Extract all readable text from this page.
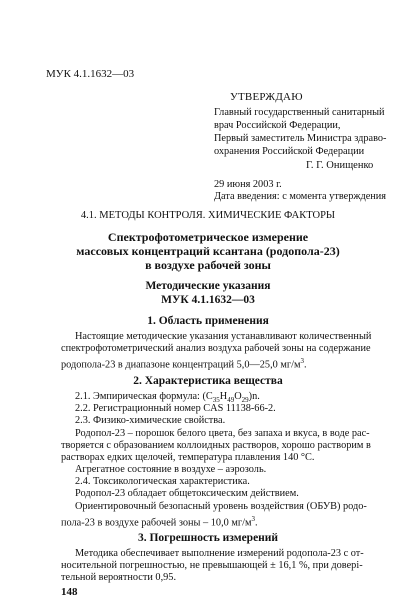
МУК 4.1.1632—03
УТВЕРЖДАЮ
Главный государственный санитарный
врач Российской Федерации,
Первый заместитель Министра здраво-
охранения Российской Федерации
Г. Г. Онищенко
29 июня 2003 г.
Дата введения: с момента утверждения
4.1. МЕТОДЫ КОНТРОЛЯ. ХИМИЧЕСКИЕ ФАКТОРЫ
Спектрофотометрическое измерение
массовых концентраций ксантана (родопола-23)
в воздухе рабочей зоны
Методические указания
МУК 4.1.1632—03
1. Область применения
Настоящие методические указания устанавливают количественный
спектрофотометрический анализ воздуха рабочей зоны на содержание
родопола-23 в диапазоне концентраций 5,0—25,0 $мг/м^3$.
2. Характеристика вещества
2.1. Эмпирическая формула: $(C_{35}H_{49}O_{29})n$.
2.2. Регистрационный номер CAS 11138-66-2.
2.3. Физико-химические свойства.
Родопол-23 – порошок белого цвета, без запаха и вкуса, в воде рас-
творяется с образованием коллоидных растворов, хорошо растворим в
растворах едких щелочей, температура плавления 140 °С.
Агрегатное состояние в воздухе – аэрозоль.
2.4. Токсикологическая характеристика.
Родопол-23 обладает общетоксическим действием.
Ориентировочный безопасный уровень воздействия (ОБУВ) родо-
пола-23 в воздухе рабочей зоны – 10,0 $мг/м^3$.
148
3. Погрешность измерений
Методика обеспечивает выполнение измерений родопола-23 с от-
носительной погрешностью, не превышающей ± 16,1 %, при доверi-
тельной вероятности 0,95.
